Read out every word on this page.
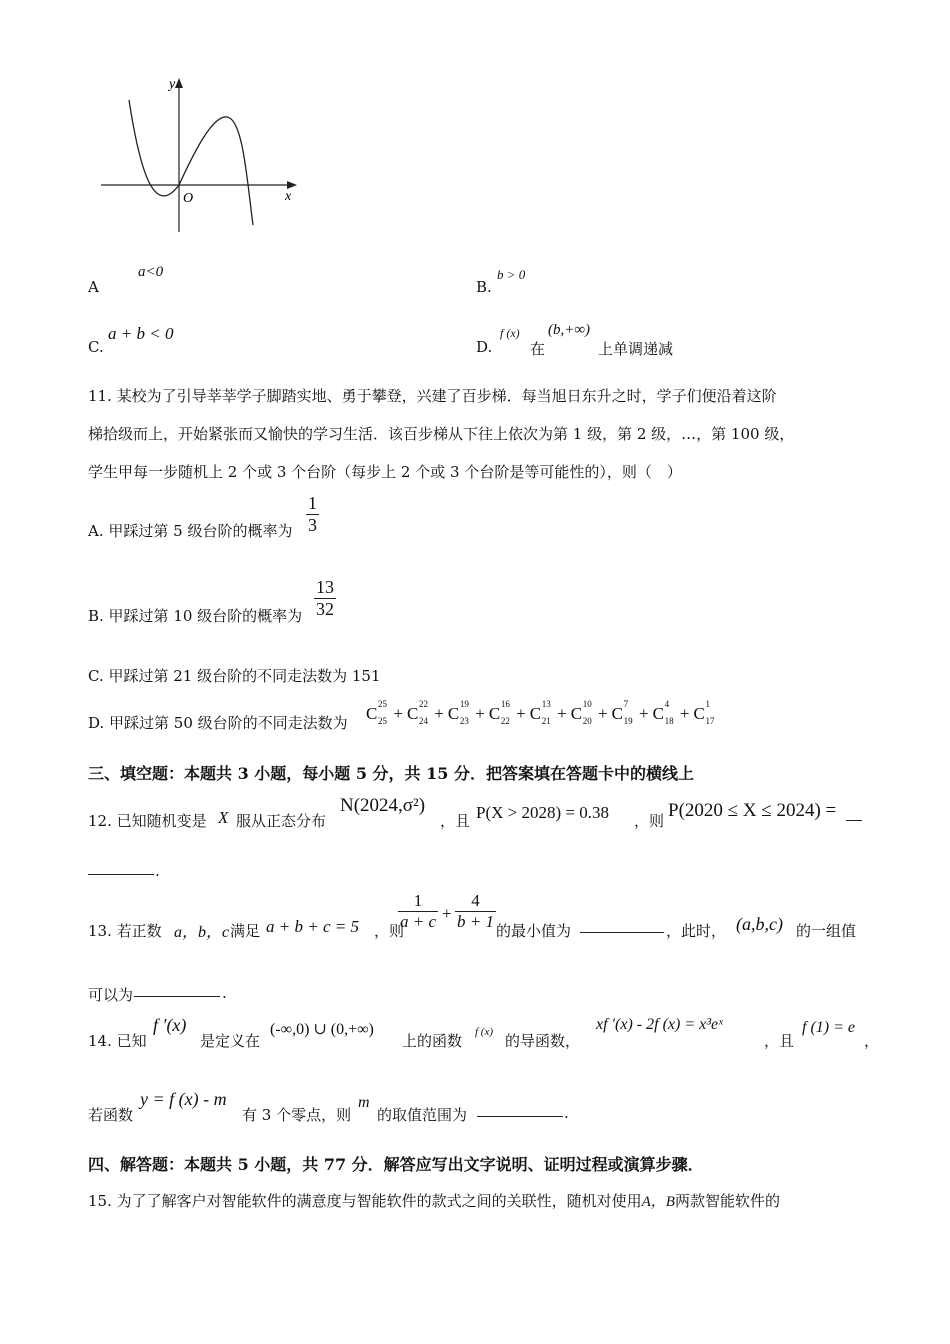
y
x
O
A
a<0
B.
b > 0
C.
a + b < 0
D.
f (x)
在
(b,+∞)
上单调递减
11. 某校为了引导莘莘学子脚踏实地、勇于攀登，兴建了百步梯．每当旭日东升之时，学子们便沿着这阶
梯拾级而上，开始紧张而又愉快的学习生活．该百步梯从下往上依次为第 1 级，第 2 级，…，第 100 级，
学生甲每一步随机上 2 个或 3 个台阶（每步上 2 个或 3 个台阶是等可能性的），则（　）
A. 甲踩过第 5 级台阶的概率为 $\frac{1}{3}$
B. 甲踩过第 10 级台阶的概率为 $\frac{13}{32}$
C. 甲踩过第 21 级台阶的不同走法数为 151
D. 甲踩过第 50 级台阶的不同走法数为 C 25
25 + C 22
24 + C 19
23 + C 16
22 + C 13
21 + C 10
20 + C 7
19 + C 4
18 + C 1
17
三、填空题：本题共 3 小题，每小题 5 分，共 15 分．把答案填在答题卡中的横线上
12. 已知随机变是 X 服从正态分布
N(2024,σ²)
，且 P(X > 2028) = 0.38 ，则 P(2020 ≤ X ≤ 2024) =
.
13. 若正数 a，b，c 满足 a + b + c = 5 ，则
$\frac{1}{a + c} + \frac{4}{b + 1}$ 的最小值为	，此时， (a,b,c) 的一组值
可以为	.
14. 已知
f ′(x)
是定义在
(-∞,0) ∪ (0,+∞)
上的函数 f (x) 的导函数，
xf ′(x) - 2f (x) = x³eˣ
，且
f (1) = e
，
若函数
y = f (x) - m
有 3 个零点，则
m
的取值范围为	.
四、解答题：本题共 5 小题，共 77 分．解答应写出文字说明、证明过程或演算步骤．
15. 为了了解客户对智能软件的满意度与智能软件的款式之间的关联性，随机对使用A，B两款智能软件的
